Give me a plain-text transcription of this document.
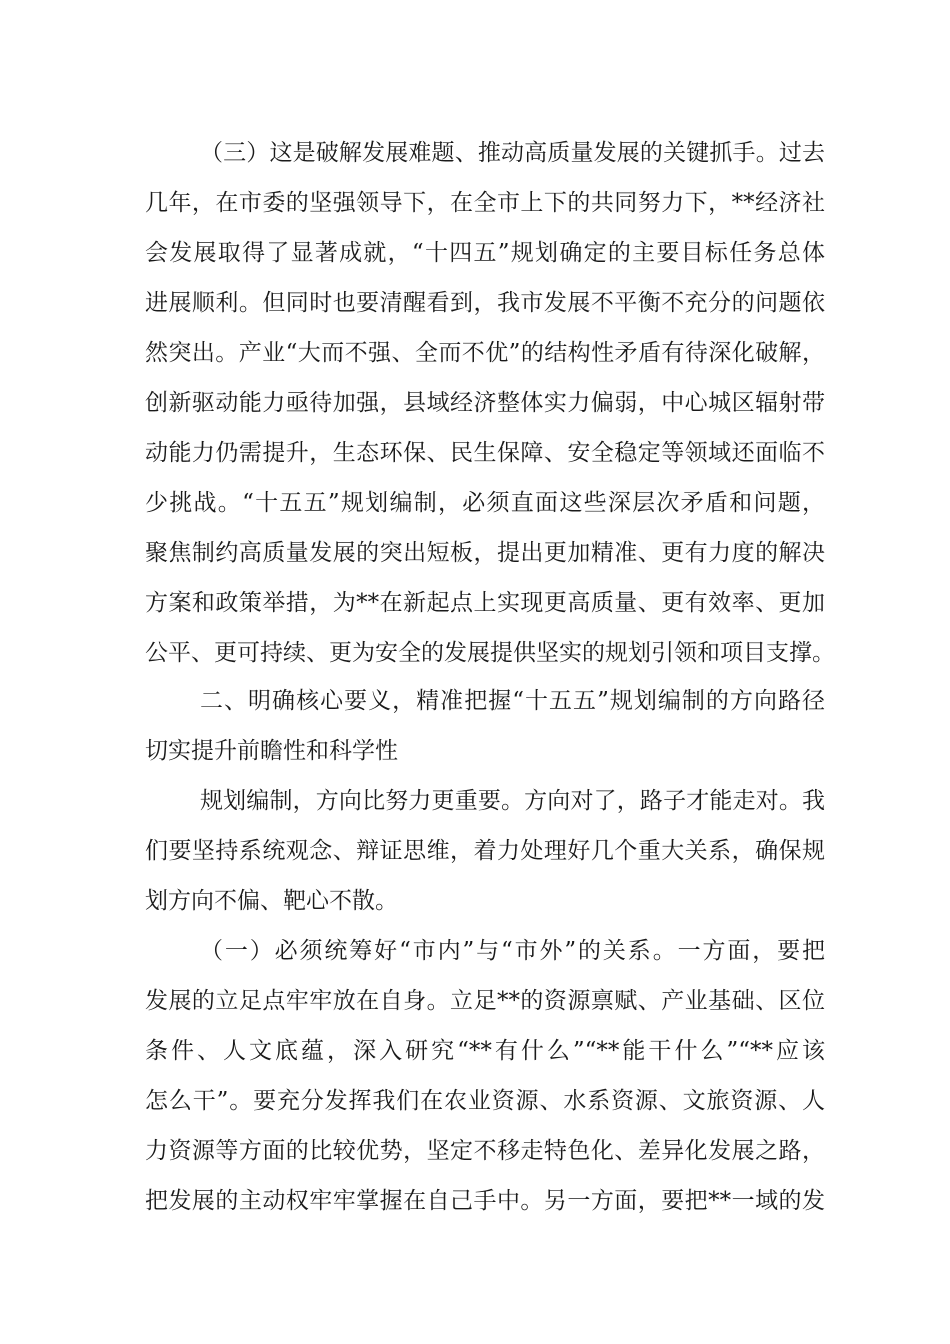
（三）这是破解发展难题、推动高质量发展的关键抓手。过去
几年，在市委的坚强领导下，在全市上下的共同努力下，**经济社
会发展取得了显著成就，“十四五”规划确定的主要目标任务总体
进展顺利。但同时也要清醒看到，我市发展不平衡不充分的问题依
然突出。产业“大而不强、全而不优”的结构性矛盾有待深化破解，
创新驱动能力亟待加强，县域经济整体实力偏弱，中心城区辐射带
动能力仍需提升，生态环保、民生保障、安全稳定等领域还面临不
少挑战。“十五五”规划编制，必须直面这些深层次矛盾和问题，
聚焦制约高质量发展的突出短板，提出更加精准、更有力度的解决
方案和政策举措，为**在新起点上实现更高质量、更有效率、更加
公平、更可持续、更为安全的发展提供坚实的规划引领和项目支撑。
二、明确核心要义，精准把握“十五五”规划编制的方向路径
切实提升前瞻性和科学性
规划编制，方向比努力更重要。方向对了，路子才能走对。我
们要坚持系统观念、辩证思维，着力处理好几个重大关系，确保规
划方向不偏、靶心不散。
（一）必须统筹好“市内”与“市外”的关系。一方面，要把
发展的立足点牢牢放在自身。立足**的资源禀赋、产业基础、区位
条件、人文底蕴，深入研究“**有什么”“**能干什么”“**应该
怎么干”。要充分发挥我们在农业资源、水系资源、文旅资源、人
力资源等方面的比较优势，坚定不移走特色化、差异化发展之路，
把发展的主动权牢牢掌握在自己手中。另一方面，要把**一域的发
